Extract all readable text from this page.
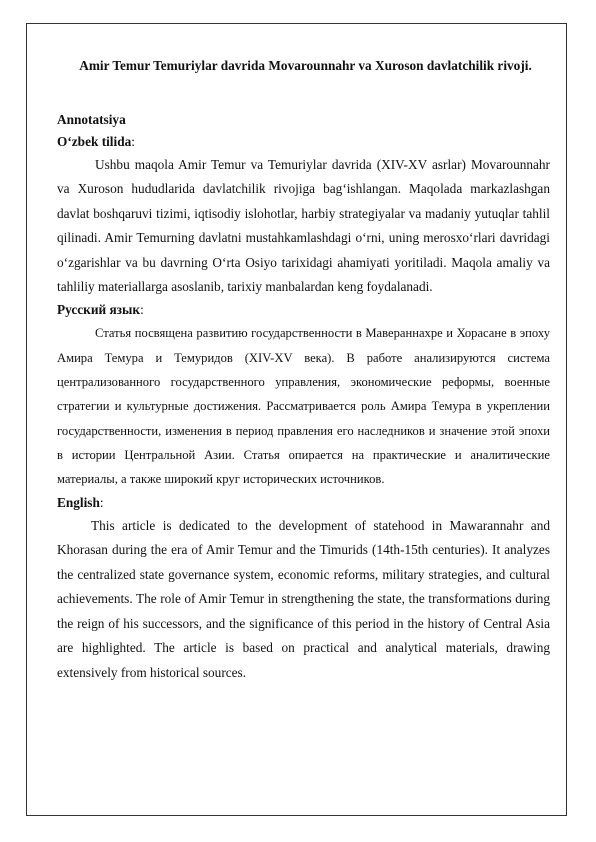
Amir Temur Temuriylar davrida Movarounnahr va Xuroson davlatchilik rivoji.

Annotatsiya

O‘zbek tilida:

Ushbu maqola Amir Temur va Temuriylar davrida (XIV-XV asrlar) Movarounnahr va Xuroson hududlarida davlatchilik rivojiga bag‘ishlangan. Maqolada markazlashgan davlat boshqaruvi tizimi, iqtisodiy islohotlar, harbiy strategiyalar va madaniy yutuqlar tahlil qilinadi. Amir Temurning davlatni mustahkamlashdagi o‘rni, uning merosxo‘rlari davridagi o‘zgarishlar va bu davrning O‘rta Osiyo tarixidagi ahamiyati yoritiladi. Maqola amaliy va tahliliy materiallarga asoslanib, tarixiy manbalardan keng foydalanadi.

Русский язык:

Статья посвящена развитию государственности в Мавераннахре и Хорасане в эпоху Амира Темура и Темуридов (XIV-XV века). В работе анализируются система централизованного государственного управления, экономические реформы, военные стратегии и культурные достижения. Рассматривается роль Амира Темура в укреплении государственности, изменения в период правления его наследников и значение этой эпохи в истории Центральной Азии. Статья опирается на практические и аналитические материалы, а также широкий круг исторических источников.

English:

This article is dedicated to the development of statehood in Mawarannahr and Khorasan during the era of Amir Temur and the Timurids (14th-15th centuries). It analyzes the centralized state governance system, economic reforms, military strategies, and cultural achievements. The role of Amir Temur in strengthening the state, the transformations during the reign of his successors, and the significance of this period in the history of Central Asia are highlighted. The article is based on practical and analytical materials, drawing extensively from historical sources.
